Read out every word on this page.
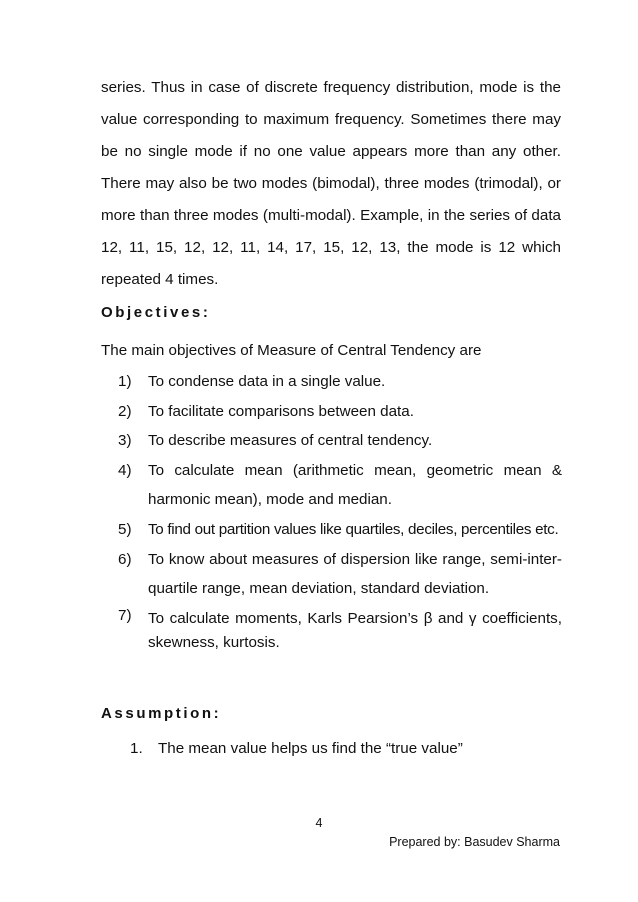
series. Thus in case of discrete frequency distribution, mode is the value corresponding to maximum frequency. Sometimes there may be no single mode if no one value appears more than any other. There may also be two modes (bimodal), three modes (trimodal), or more than three modes (multi-modal). Example, in the series of data 12, 11, 15, 12, 12, 11, 14, 17, 15, 12, 13, the mode is 12 which repeated 4 times.

Objectives:

The main objectives of Measure of Central Tendency are

1) To condense data in a single value.
2) To facilitate comparisons between data.
3) To describe measures of central tendency.
4) To calculate mean (arithmetic mean, geometric mean & harmonic mean), mode and median.
5) To find out partition values like quartiles, deciles, percentiles etc.
6) To know about measures of dispersion like range, semi-inter-quartile range, mean deviation, standard deviation.
7) To calculate moments, Karls Pearsion’s β and γ coefficients, skewness, kurtosis.
Assumption:
1. The mean value helps us find the “true value”
4
Prepared by: Basudev Sharma
